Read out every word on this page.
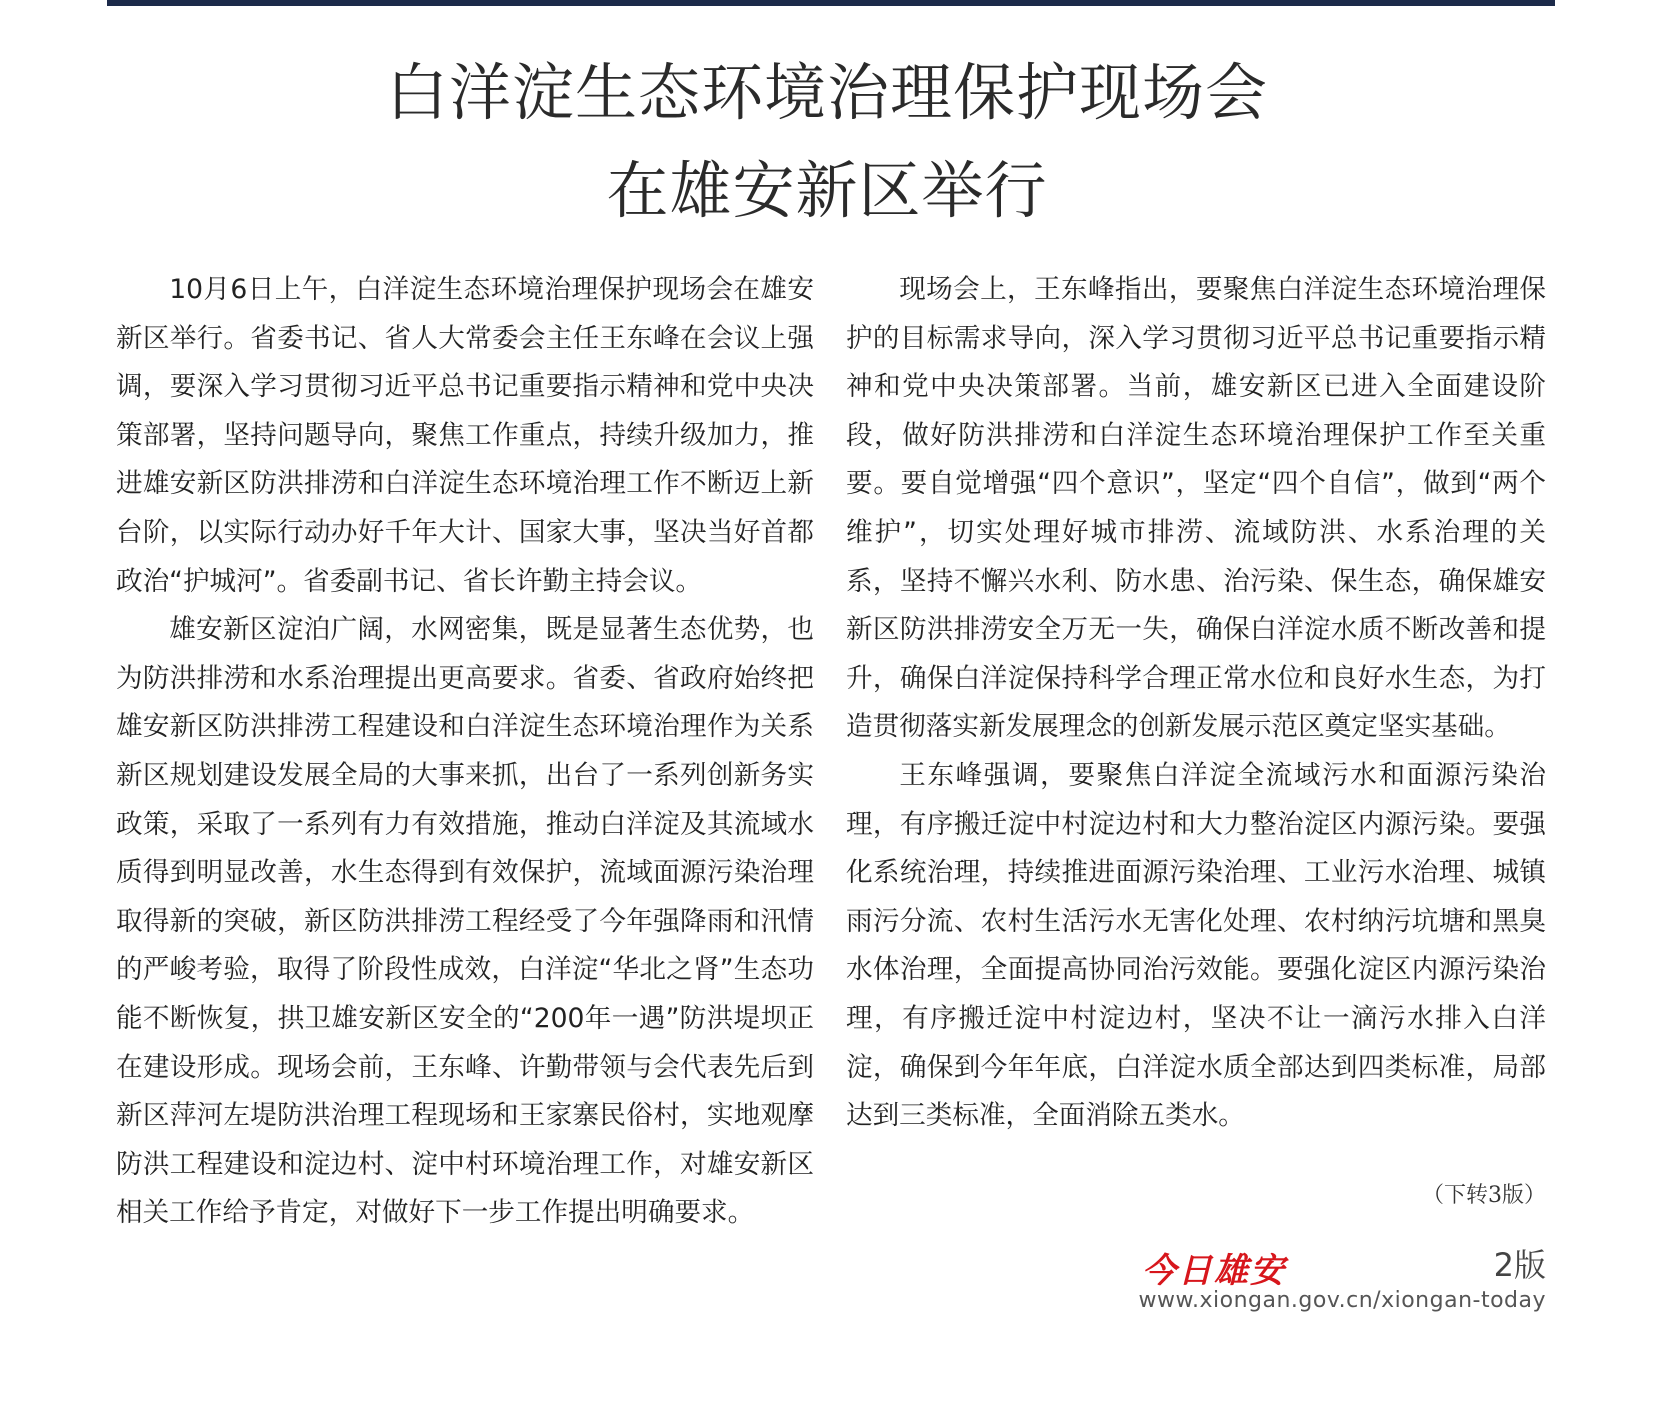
白洋淀生态环境治理保护现场会
在雄安新区举行

10月6日上午，白洋淀生态环境治理保护现场会在雄安新区举行。省委书记、省人大常委会主任王东峰在会议上强调，要深入学习贯彻习近平总书记重要指示精神和党中央决策部署，坚持问题导向，聚焦工作重点，持续升级加力，推进雄安新区防洪排涝和白洋淀生态环境治理工作不断迈上新台阶，以实际行动办好千年大计、国家大事，坚决当好首都政治“护城河”。省委副书记、省长许勤主持会议。

雄安新区淀泊广阔，水网密集，既是显著生态优势，也为防洪排涝和水系治理提出更高要求。省委、省政府始终把雄安新区防洪排涝工程建设和白洋淀生态环境治理作为关系新区规划建设发展全局的大事来抓，出台了一系列创新务实政策，采取了一系列有力有效措施，推动白洋淀及其流域水质得到明显改善，水生态得到有效保护，流域面源污染治理取得新的突破，新区防洪排涝工程经受了今年强降雨和汛情的严峻考验，取得了阶段性成效，白洋淀“华北之肾”生态功能不断恢复，拱卫雄安新区安全的“200年一遇”防洪堤坝正在建设形成。现场会前，王东峰、许勤带领与会代表先后到新区萍河左堤防洪治理工程现场和王家寨民俗村，实地观摩防洪工程建设和淀边村、淀中村环境治理工作，对雄安新区相关工作给予肯定，对做好下一步工作提出明确要求。

现场会上，王东峰指出，要聚焦白洋淀生态环境治理保护的目标需求导向，深入学习贯彻习近平总书记重要指示精神和党中央决策部署。当前，雄安新区已进入全面建设阶段，做好防洪排涝和白洋淀生态环境治理保护工作至关重要。要自觉增强“四个意识”，坚定“四个自信”，做到“两个维护”，切实处理好城市排涝、流域防洪、水系治理的关系，坚持不懈兴水利、防水患、治污染、保生态，确保雄安新区防洪排涝安全万无一失，确保白洋淀水质不断改善和提升，确保白洋淀保持科学合理正常水位和良好水生态，为打造贯彻落实新发展理念的创新发展示范区奠定坚实基础。

王东峰强调，要聚焦白洋淀全流域污水和面源污染治理，有序搬迁淀中村淀边村和大力整治淀区内源污染。要强化系统治理，持续推进面源污染治理、工业污水治理、城镇雨污分流、农村生活污水无害化处理、农村纳污坑塘和黑臭水体治理，全面提高协同治污效能。要强化淀区内源污染治理，有序搬迁淀中村淀边村，坚决不让一滴污水排入白洋淀，确保到今年年底，白洋淀水质全部达到四类标准，局部达到三类标准，全面消除五类水。

（下转3版）
今日雄安	2版
www.xiongan.gov.cn/xiongan-today
